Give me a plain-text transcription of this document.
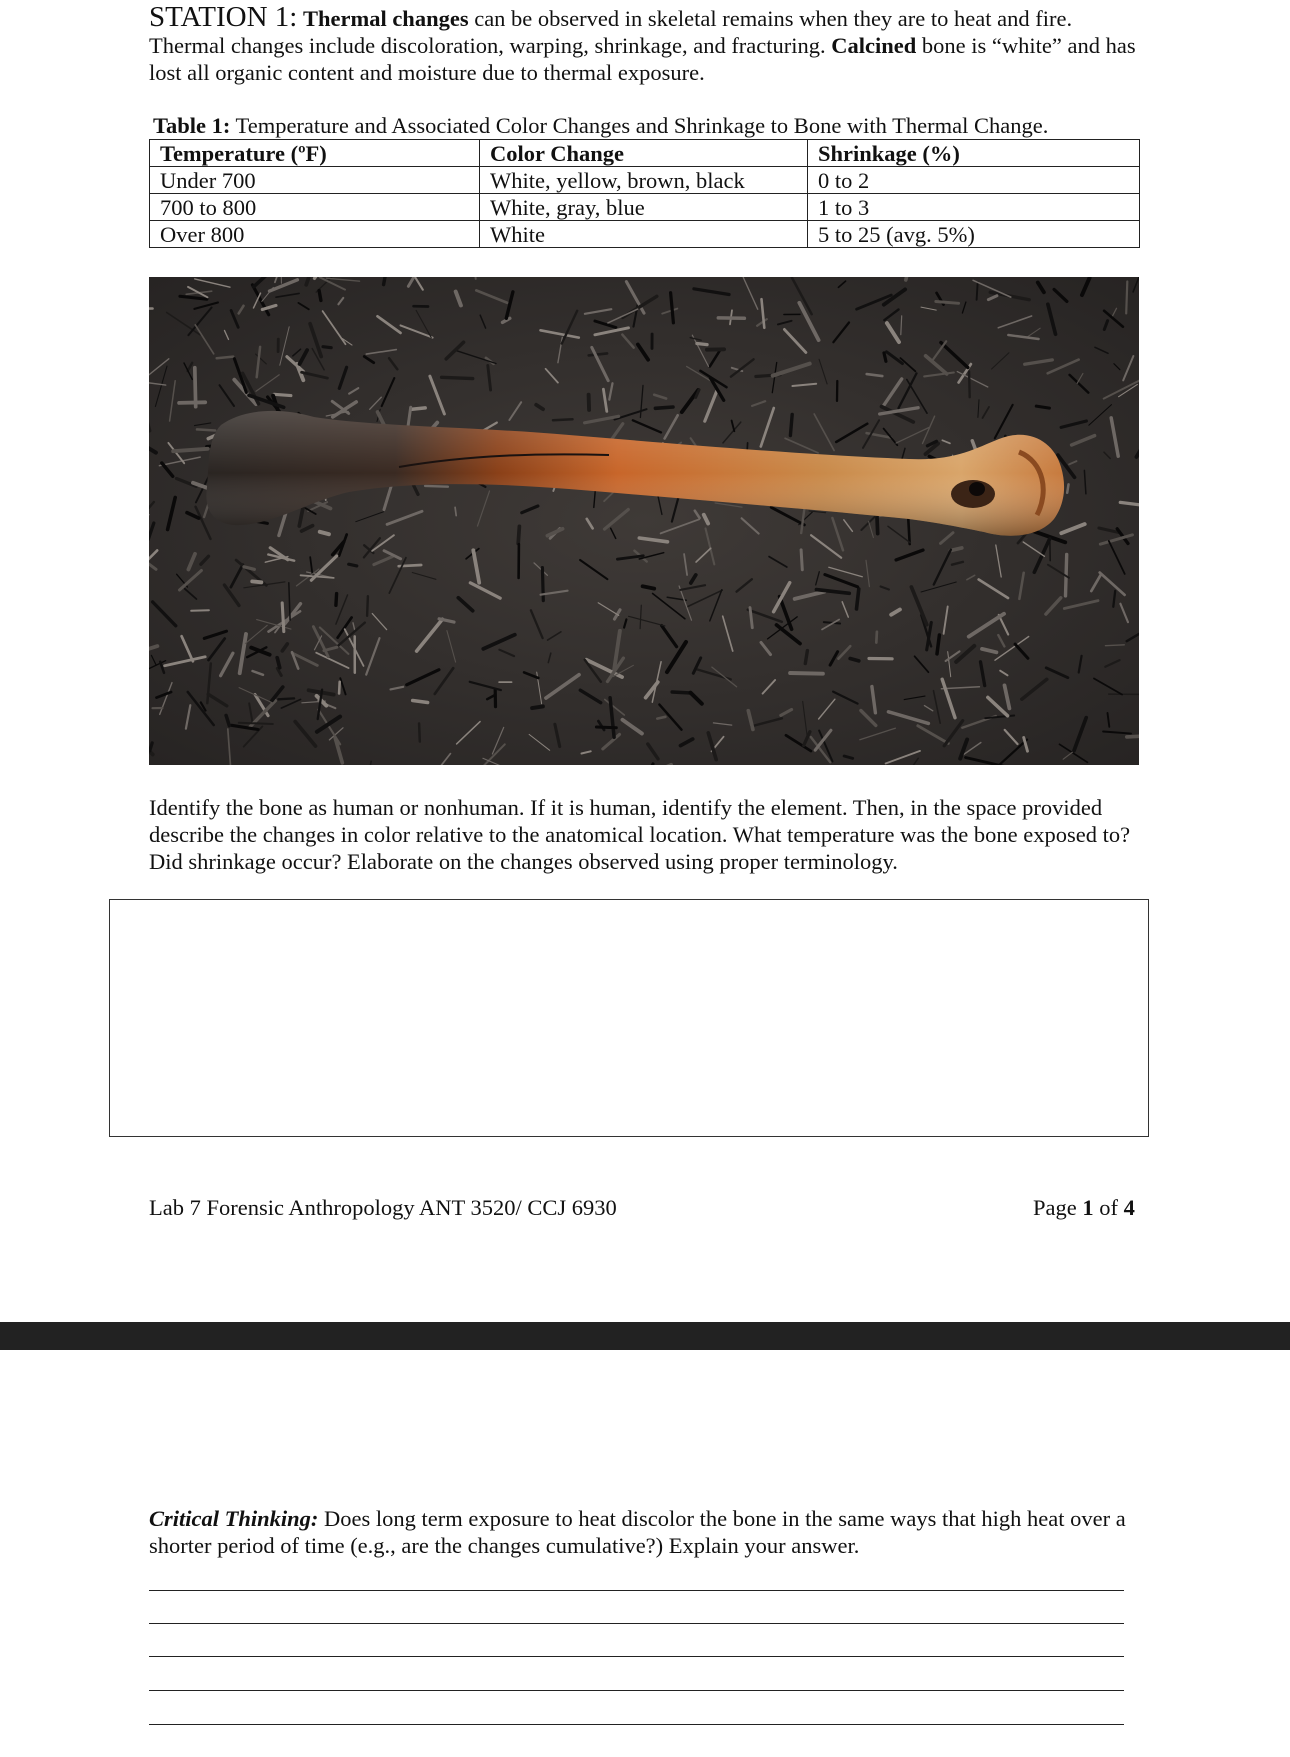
STATION 1: Thermal changes can be observed in skeletal remains when they are to heat and fire. Thermal changes include discoloration, warping, shrinkage, and fracturing. Calcined bone is “white” and has lost all organic content and moisture due to thermal exposure.
Table 1: Temperature and Associated Color Changes and Shrinkage to Bone with Thermal Change.
Temperature (ºF)	Color Change	Shrinkage (%)
Under 700	White, yellow, brown, black	0 to 2
700 to 800	White, gray, blue	1 to 3
Over 800	White	5 to 25 (avg. 5%)
Identify the bone as human or nonhuman. If it is human, identify the element. Then, in the space provided describe the changes in color relative to the anatomical location. What temperature was the bone exposed to? Did shrinkage occur? Elaborate on the changes observed using proper terminology.
Lab 7 Forensic Anthropology ANT 3520/ CCJ 6930	Page 1 of 4
Critical Thinking: Does long term exposure to heat discolor the bone in the same ways that high heat over a shorter period of time (e.g., are the changes cumulative?) Explain your answer.
